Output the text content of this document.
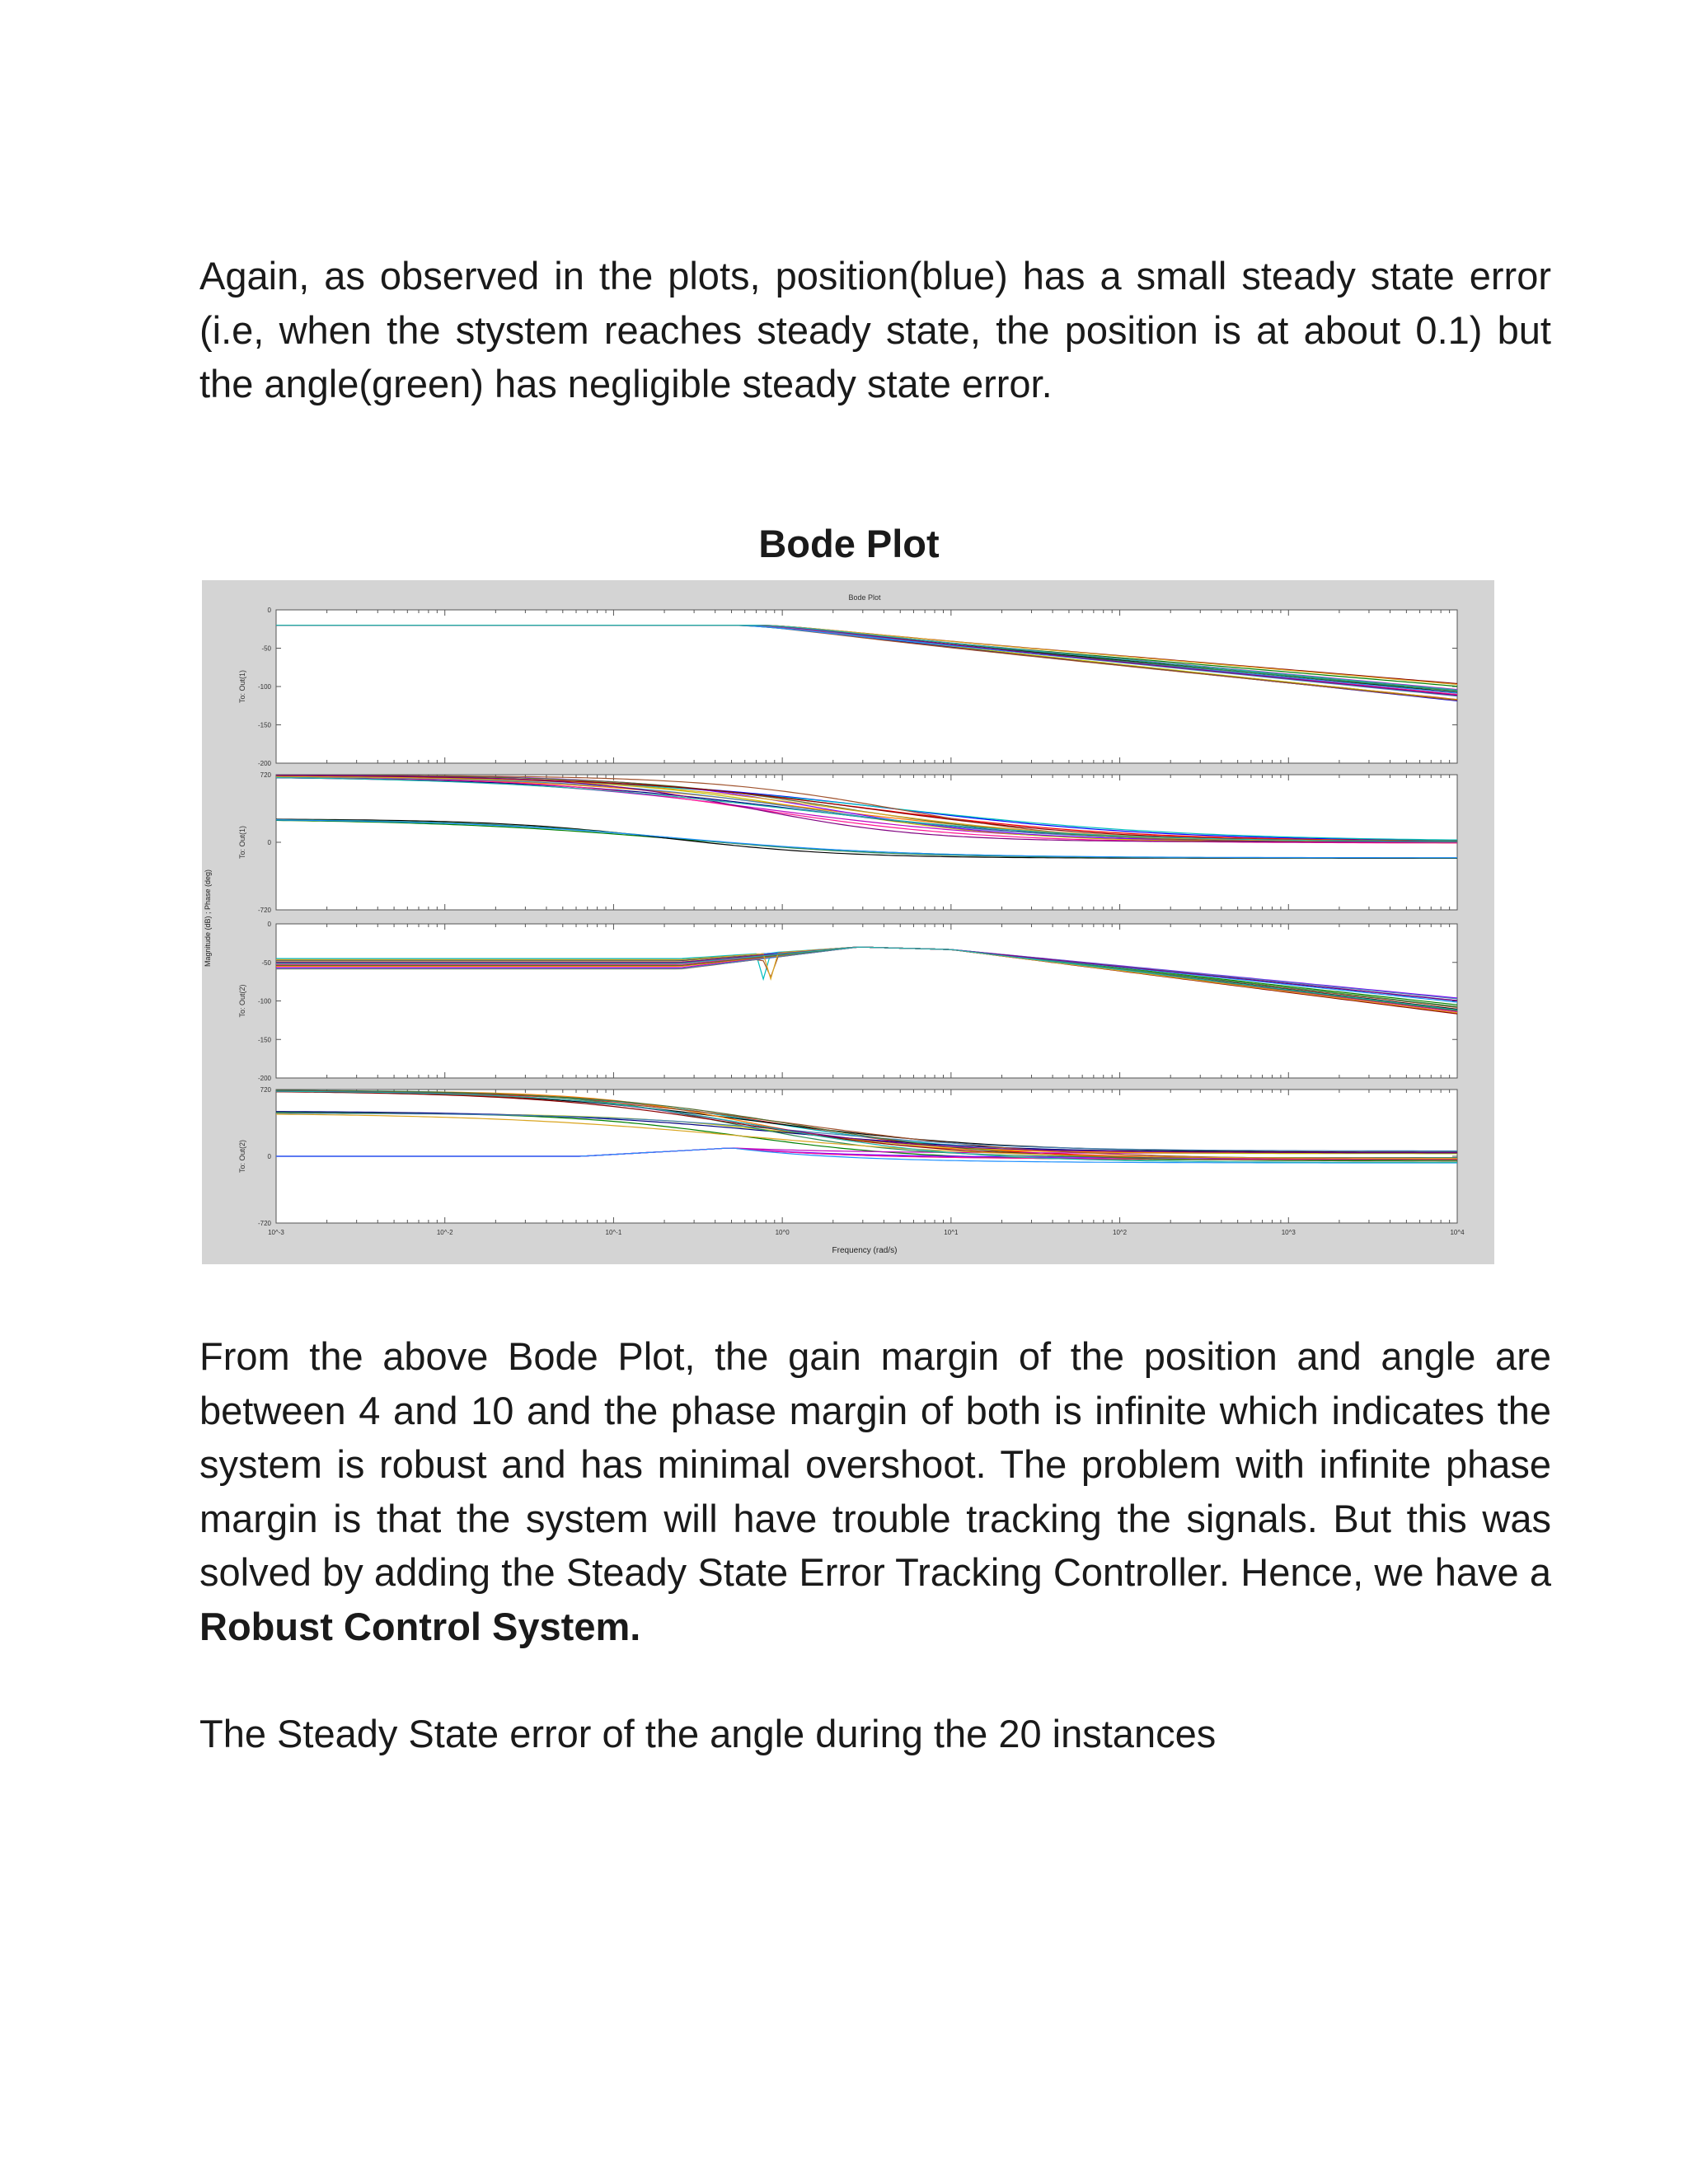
Again, as observed in the plots, position(blue) has a small steady state error (i.e, when the stystem reaches steady state, the position is at about 0.1) but the angle(green) has negligible steady state error.

Bode Plot
Bode Plot
Magnitude (dB) ; Phase (deg)
Frequency (rad/s)
0
-50
-100
-150
-200
To: Out(1)
720
0
-720
To: Out(1)
0
-50
-100
-150
-200
To: Out(2)
720
0
-720
To: Out(2)
10^-3	10^-2	10^-1	10^0	10^1	10^2	10^3	10^4

From the above Bode Plot, the gain margin of the position and angle are between 4 and 10 and the phase margin of both is infinite which indicates the system is robust and has minimal overshoot. The problem with infinite phase margin is that the system will have trouble tracking the signals. But this was solved by adding the Steady State Error Tracking Controller. Hence, we have a Robust Control System.

The Steady State error of the angle during the 20 instances
